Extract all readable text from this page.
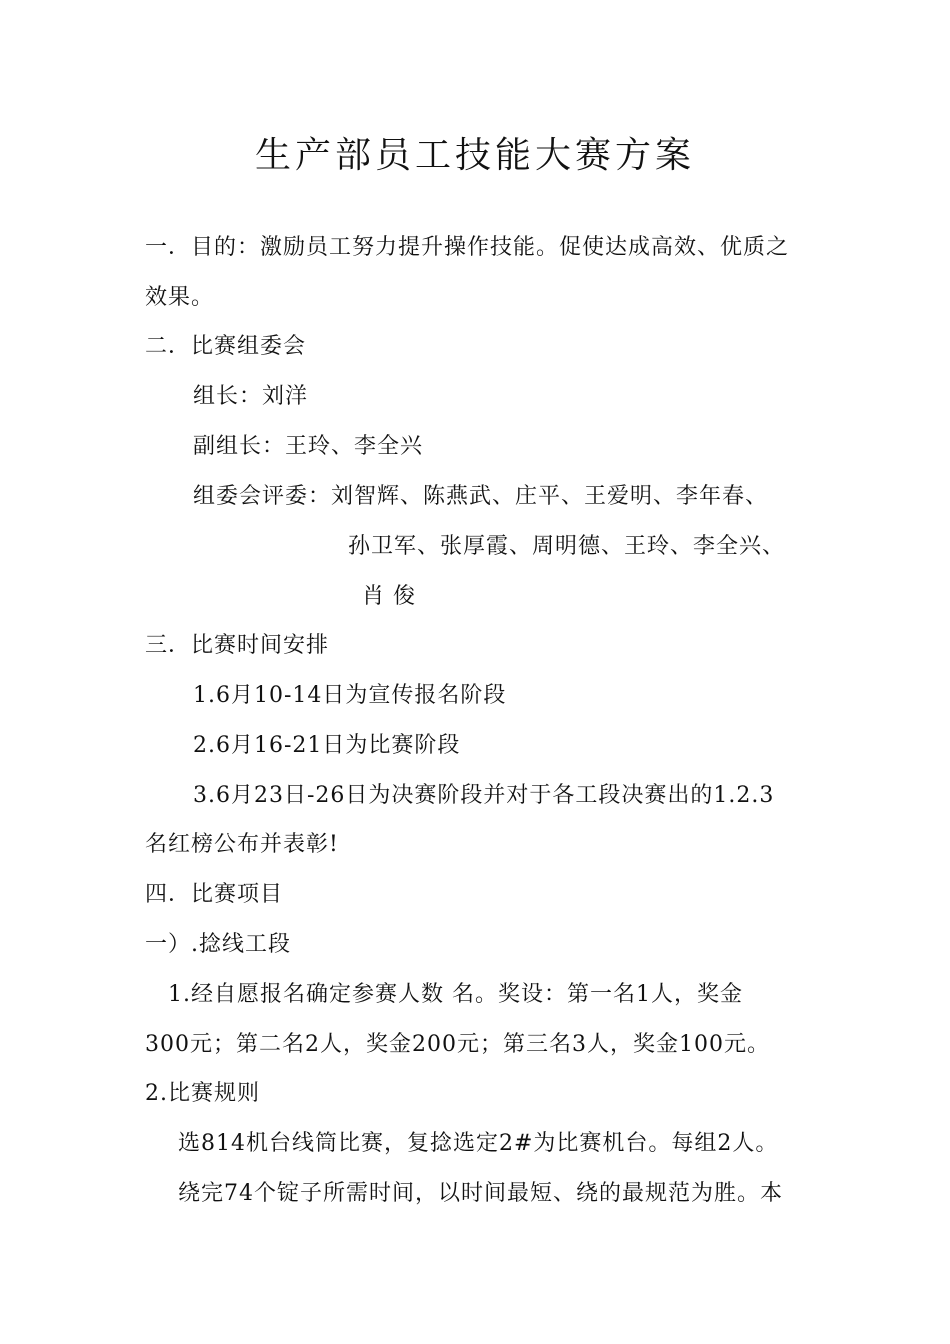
生产部员工技能大赛方案
一．目的：激励员工努力提升操作技能。促使达成高效、优质之
效果。
二．比赛组委会
组长：刘洋
副组长：王玲、李全兴
组委会评委：刘智辉、陈燕武、庄平、王爱明、李年春、
孙卫军、张厚霞、周明德、王玲、李全兴、
肖 俊
三．比赛时间安排
1.6月10-14日为宣传报名阶段
2.6月16-21日为比赛阶段
3.6月23日-26日为决赛阶段并对于各工段决赛出的1.2.3
名红榜公布并表彰!
四．比赛项目
一）.捻线工段
1.经自愿报名确定参赛人数 名。奖设：第一名1人，奖金
300元；第二名2人，奖金200元；第三名3人，奖金100元。
2.比赛规则
选814机台线筒比赛，复捻选定2#为比赛机台。每组2人。
绕完74个锭子所需时间，以时间最短、绕的最规范为胜。本
